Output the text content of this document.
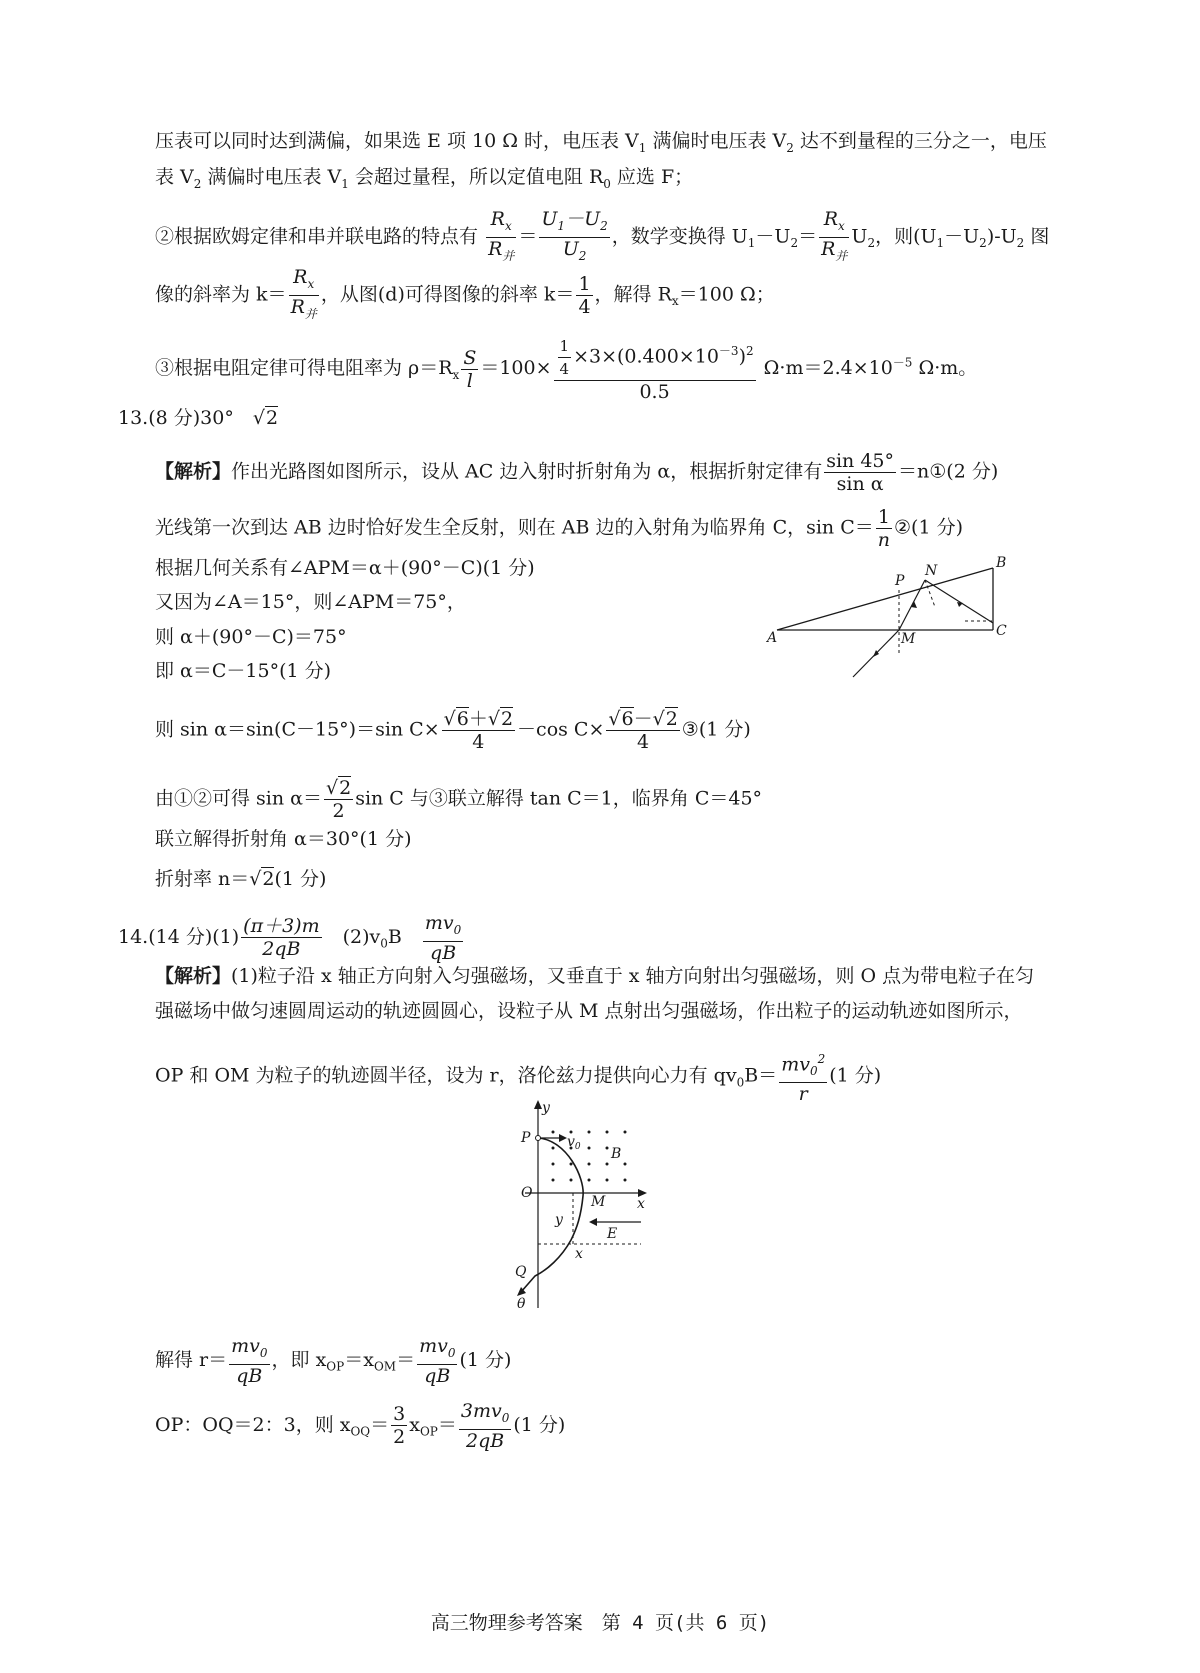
压表可以同时达到满偏，如果选 E 项 10 Ω 时，电压表 $V_1$ 满偏时电压表 $V_2$ 达不到量程的三分之一，电压
表 $V_2$ 满偏时电压表 $V_1$ 会超过量程，所以定值电阻 $R_0$ 应选 F；
②根据欧姆定律和串并联电路的特点有 $\frac{R_x}{R_并} = \frac{U_1-U_2}{U_2}$ ，数学变换得 $U_1-U_2= \frac{R_x}{R_并} U_2$，则$(U_1-U_2)-U_2$ 图
像的斜率为 $k= \frac{R_x}{R_并}$ ，从图(d)可得图像的斜率 $k= \frac{1}{4}$ ，解得 $R_x=100$ Ω；
③根据电阻定律可得电阻率为 $\rho=R_x \frac{S}{l} =100\times \frac{\frac{1}{4} \times 3\times(0.400\times 10^{-3})^2}{0.5} \Omega\cdot m=2.4\times 10^{-5}$ Ω·m。
13.(8 分)30°　√2
【解析】作出光路图如图所示，设从 AC 边入射时折射角为 α，根据折射定律有 $\frac{\sin 45^\circ}{\text{sin α}}$ ＝n①(2 分)
光线第一次到达 AB 边时恰好发生全反射，则在 AB 边的入射角为临界角 C，$\sin C= \frac{1}{n}$ ②(1 分)
根据几何关系有∠APM＝α＋(90°－C)(1 分)
又因为∠A＝15°，则∠APM＝75°，
则 α＋(90°－C)＝75°
即 α＝C－15°(1 分)
则 sin α＝sin(C－15°)＝sin $C\times \frac{√6+√2}{4} -\cos$ $C\times \frac{√6-√2}{4}$ ③(1 分)
由①②可得 $\sin \alpha= \frac{√2}{2}$ sin C 与③联立解得 tan C＝1，临界角 C＝45°
联立解得折射角 α＝30°(1 分)
折射率 n＝√2(1 分)
A
B
C
M
N
P
14.(14 分)$(1) \frac{(\pi+3)m}{2qB}$
　 $(2)v_0B$　 $\frac{mv_0}{qB}$
【解析】(1)粒子沿 x 轴正方向射入匀强磁场，又垂直于 x 轴方向射出匀强磁场，则 O 点为带电粒子在匀
强磁场中做匀速圆周运动的轨迹圆圆心，设粒子从 M 点射出匀强磁场，作出粒子的运动轨迹如图所示，
OP 和 OM 为粒子的轨迹圆半径，设为 r，洛伦兹力提供向心力有 $qv_0B= \frac{mv_0^2}{r} (1$ 分)
y
P	$v_0$ B
O
M x
E
y
x
Q
θ
解得 $r= \frac{mv_0}{qB}$ ，即 $x_{OP}=x_{OM}= \frac{mv_0}{qB} (1$ 分)
OP：OQ＝2：3，则 $x_{OQ}= \frac{3}{2} x_{OP}= \frac{3mv_0}{2qB} (1$ 分)
高三物理参考答案　第 4 页(共 6 页)
